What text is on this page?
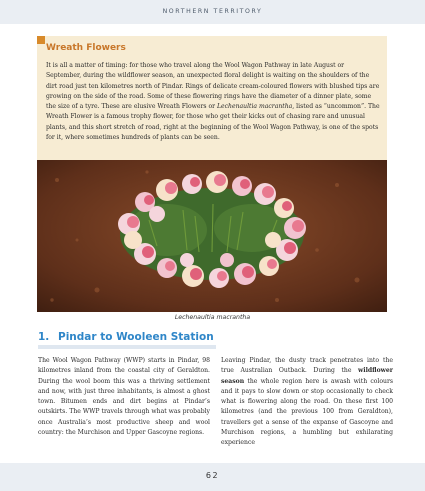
NORTHERN TERRITORY
Wreath Flowers

It is all a matter of timing: for those who travel along the Wool Wagon Pathway in late August or September, during the wildflower season, an unexpected floral delight is waiting on the shoulders of the dirt road just ten kilometres north of Pindar. Rings of delicate cream-coloured flowers with blushed tips are growing on the side of the road. Some of these flowering rings have the diameter of a dinner plate, some the size of a tyre. These are elusive Wreath Flowers or Lechenaultia macrantha, listed as “uncommon”. The Wreath Flower is a famous trophy flower, for those who get their kicks out of chasing rare and unusual plants, and this short stretch of road, right at the beginning of the Wool Wagon Pathway, is one of the spots for it, where sometimes hundreds of plants can be seen.

Lechenaultia macrantha
1. Pindar to Wooleen Station

The Wool Wagon Pathway (WWP) starts in Pindar, 98 kilometres inland from the coastal city of Geraldton. During the wool boom this was a thriving settlement and now, with just three inhabitants, is almost a ghost town. Bitumen ends and dirt begins at Pindar’s outskirts. The WWP travels through what was probably once Australia’s most productive sheep and wool country: the Murchison and Upper Gascoyne regions.

Leaving Pindar, the dusty track penetrates into the true Australian Outback. During the wildflower season the whole region here is awash with colours and it pays to slow down or stop occasionally to check what is flowering along the road. On these first 100 kilometres (and the previous 100 from Geraldton), travellers get a sense of the expanse of Gascoyne and Murchison regions, a humbling but exhilarating experience

62
